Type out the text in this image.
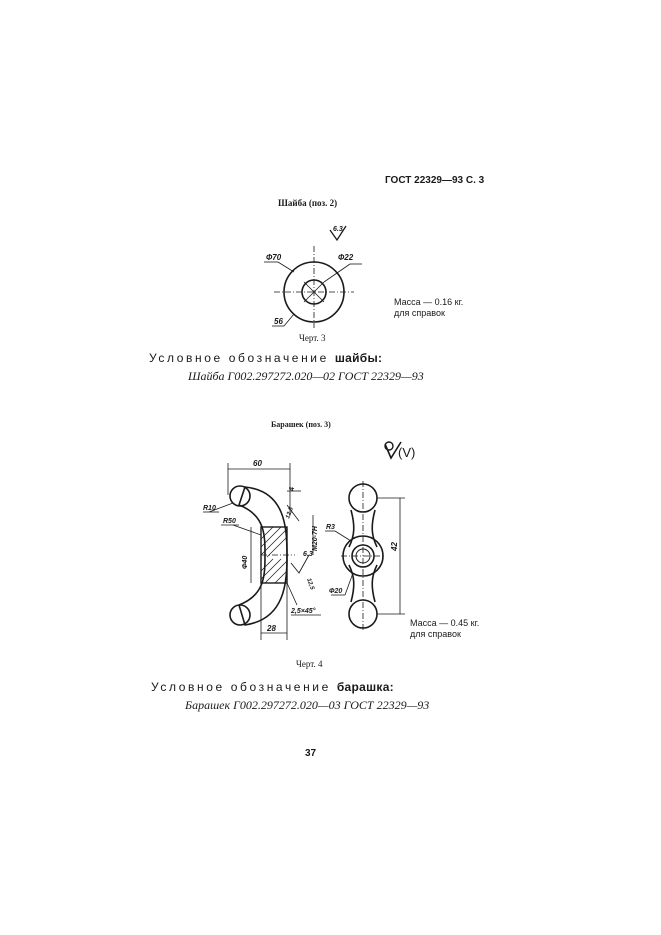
ГОСТ 22329—93 С. 3
Шайба (поз. 2)
6.3
Ф70	Ф22
56
Масса — 0.16 кг.
для справок
Черт. 3
Условное обозначение шайбы:
Шайба Г002.297272.020—02 ГОСТ 22329—93
Барашек (поз. 3)
(V)
60
Ф40
R10
R50
4
12,5
М20-7Н
6.3
12,5
2,5×45°
28
R3
Ф20
42
Масса — 0.45 кг.
для справок
Черт. 4
Условное обозначение барашка:
Барашек Г002.297272.020—03 ГОСТ 22329—93
37
